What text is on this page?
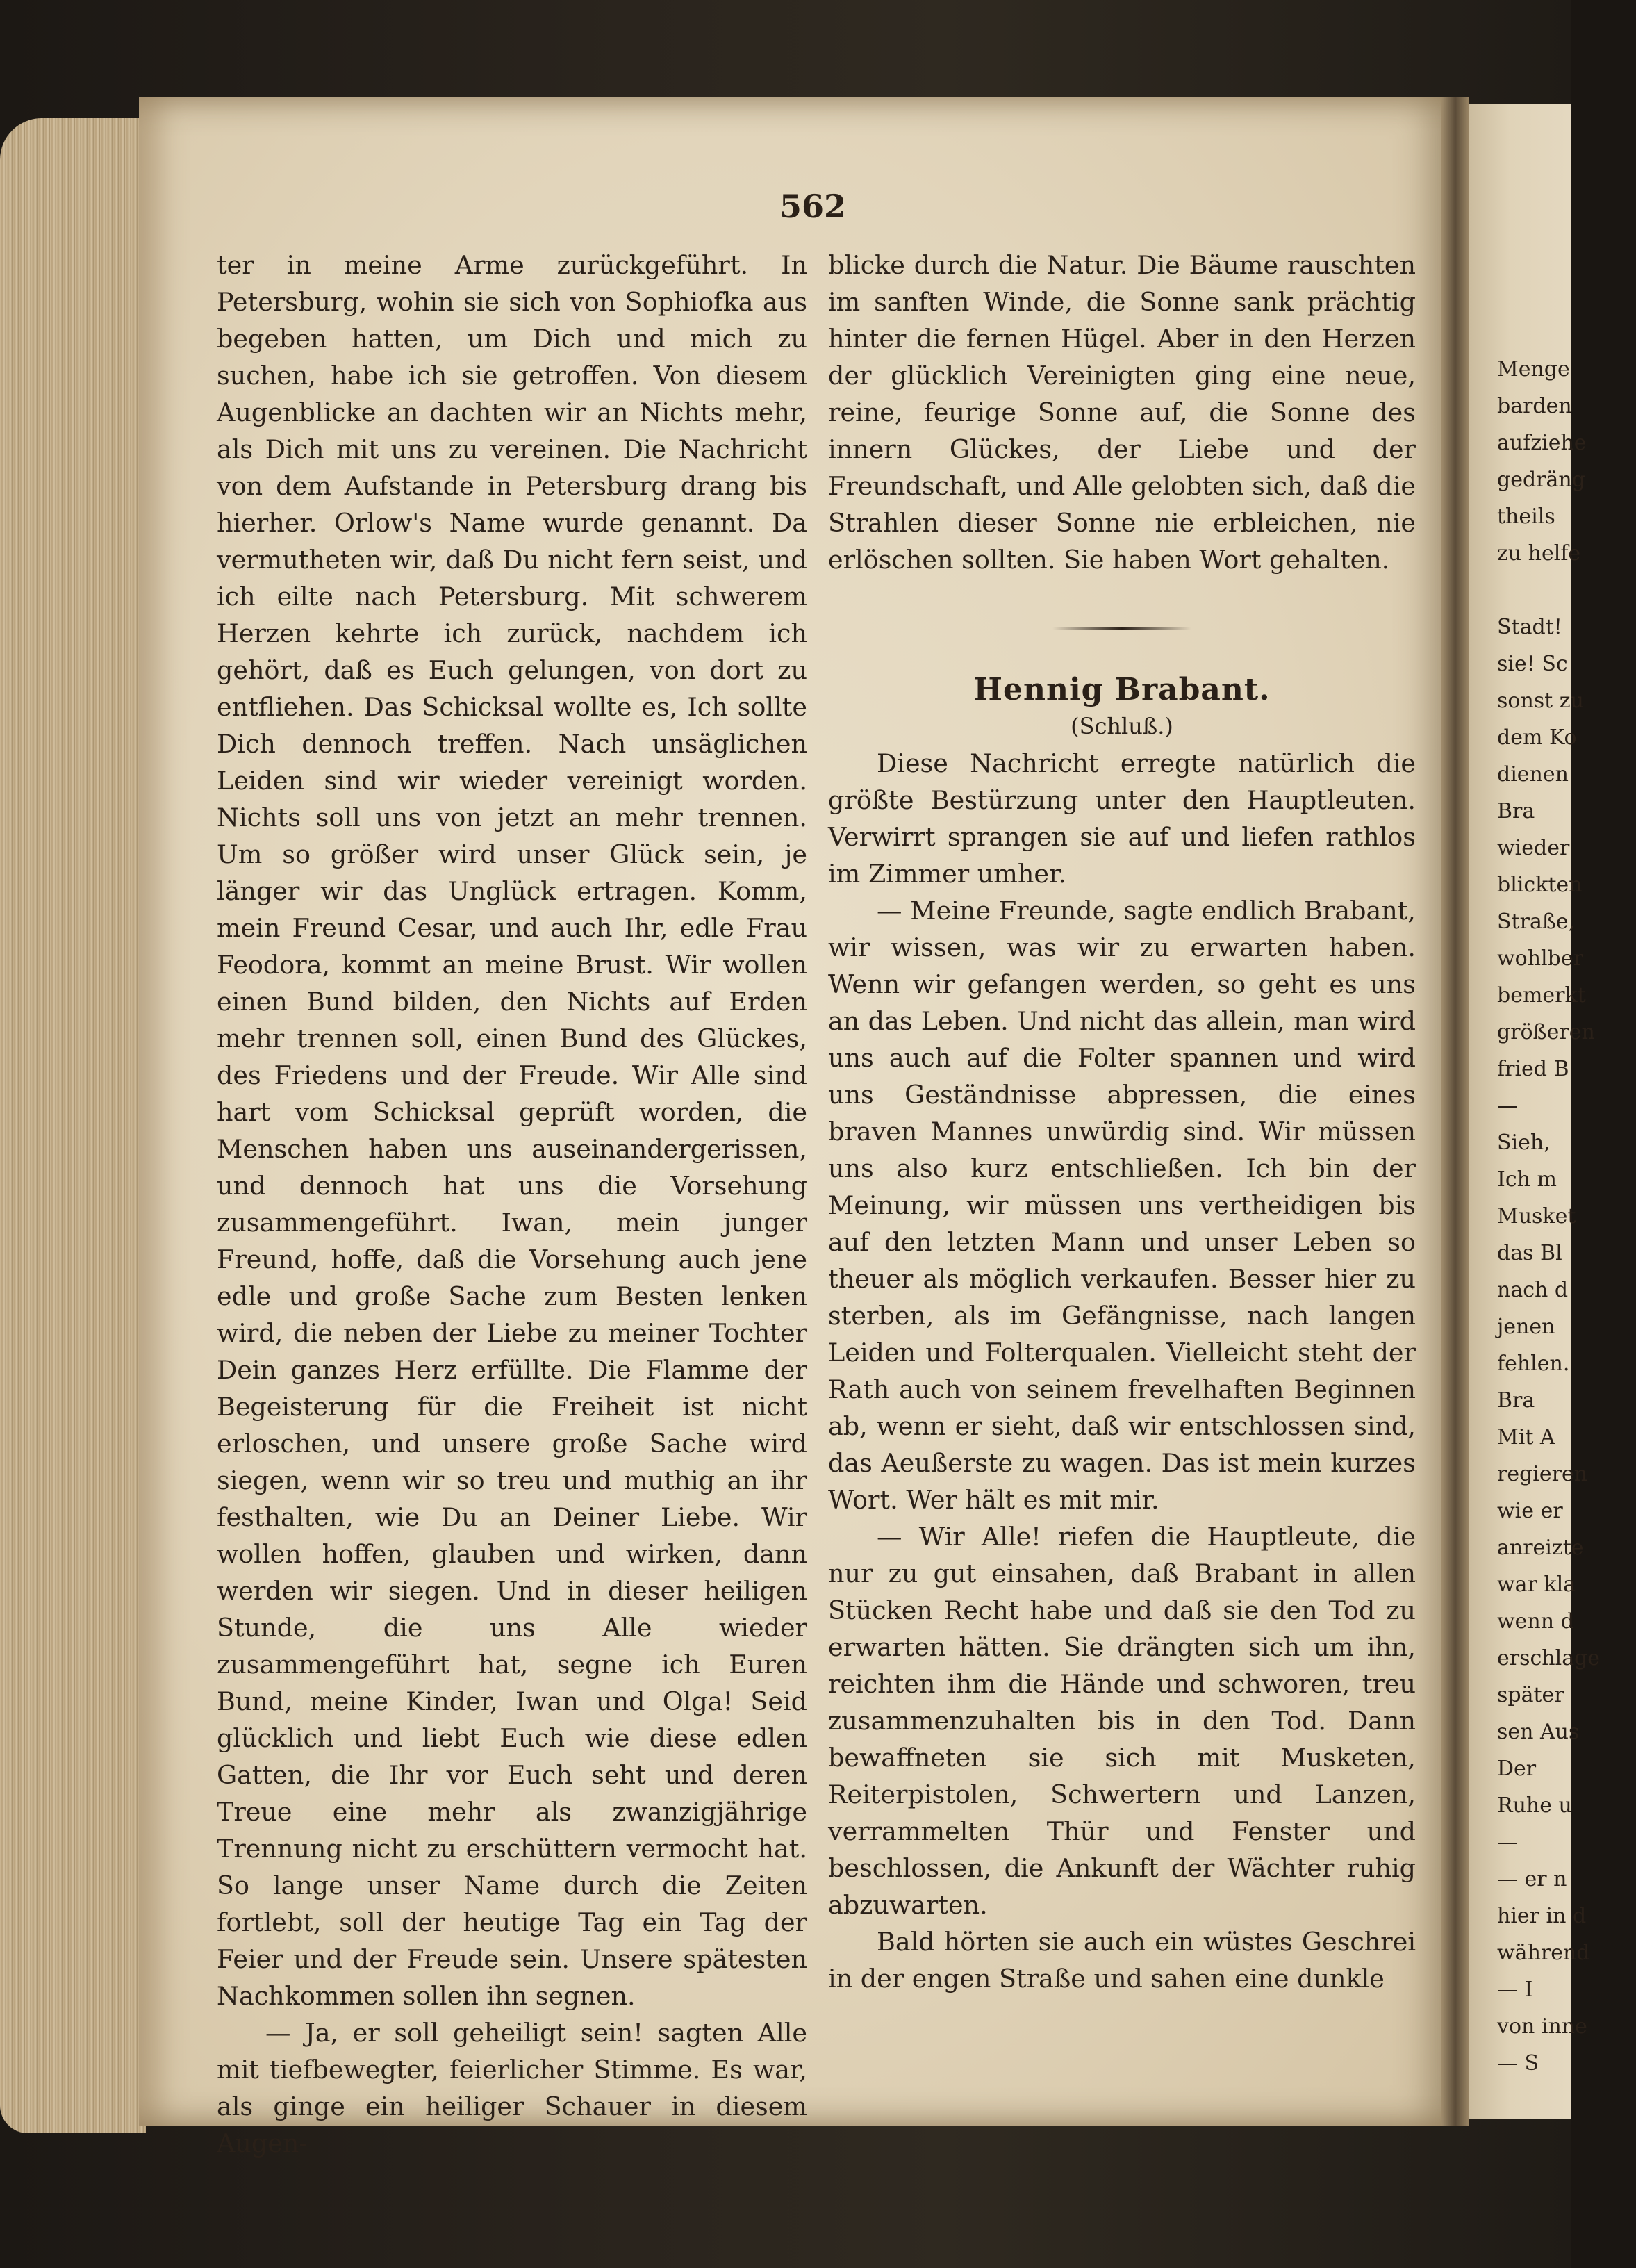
562

ter in meine Arme zurückgeführt. In Petersburg, wohin sie sich von Sophiofka aus begeben hatten, um Dich und mich zu suchen, habe ich sie getroffen. Von diesem Augenblicke an dachten wir an Nichts mehr, als Dich mit uns zu vereinen. Die Nachricht von dem Aufstande in Petersburg drang bis hierher. Orlow's Name wurde genannt. Da vermutheten wir, daß Du nicht fern seist, und ich eilte nach Petersburg. Mit schwerem Herzen kehrte ich zurück, nachdem ich gehört, daß es Euch gelungen, von dort zu entfliehen. Das Schicksal wollte es, Ich sollte Dich dennoch treffen. Nach unsäglichen Leiden sind wir wieder vereinigt worden. Nichts soll uns von jetzt an mehr trennen. Um so größer wird unser Glück sein, je länger wir das Unglück ertragen. Komm, mein Freund Cesar, und auch Ihr, edle Frau Feodora, kommt an meine Brust. Wir wollen einen Bund bilden, den Nichts auf Erden mehr trennen soll, einen Bund des Glückes, des Friedens und der Freude. Wir Alle sind hart vom Schicksal geprüft worden, die Menschen haben uns auseinandergerissen, und dennoch hat uns die Vorsehung zusammengeführt. Iwan, mein junger Freund, hoffe, daß die Vorsehung auch jene edle und große Sache zum Besten lenken wird, die neben der Liebe zu meiner Tochter Dein ganzes Herz erfüllte. Die Flamme der Begeisterung für die Freiheit ist nicht erloschen, und unsere große Sache wird siegen, wenn wir so treu und muthig an ihr festhalten, wie Du an Deiner Liebe. Wir wollen hoffen, glauben und wirken, dann werden wir siegen. Und in dieser heiligen Stunde, die uns Alle wieder zusammengeführt hat, segne ich Euren Bund, meine Kinder, Iwan und Olga! Seid glücklich und liebt Euch wie diese edlen Gatten, die Ihr vor Euch seht und deren Treue eine mehr als zwanzigjährige Trennung nicht zu erschüttern vermocht hat. So lange unser Name durch die Zeiten fortlebt, soll der heutige Tag ein Tag der Feier und der Freude sein. Unsere spätesten Nachkommen sollen ihn segnen.

— Ja, er soll geheiligt sein! sagten Alle mit tiefbewegter, feierlicher Stimme. Es war, als ginge ein heiliger Schauer in diesem Augen-

blicke durch die Natur. Die Bäume rauschten im sanften Winde, die Sonne sank prächtig hinter die fernen Hügel. Aber in den Herzen der glücklich Vereinigten ging eine neue, reine, feurige Sonne auf, die Sonne des innern Glückes, der Liebe und der Freundschaft, und Alle gelobten sich, daß die Strahlen dieser Sonne nie erbleichen, nie erlöschen sollten. Sie haben Wort gehalten.

Hennig Brabant.

(Schluß.)

Diese Nachricht erregte natürlich die größte Bestürzung unter den Hauptleuten. Verwirrt sprangen sie auf und liefen rathlos im Zimmer umher.

— Meine Freunde, sagte endlich Brabant, wir wissen, was wir zu erwarten haben. Wenn wir gefangen werden, so geht es uns an das Leben. Und nicht das allein, man wird uns auch auf die Folter spannen und wird uns Geständnisse abpressen, die eines braven Mannes unwürdig sind. Wir müssen uns also kurz entschließen. Ich bin der Meinung, wir müssen uns vertheidigen bis auf den letzten Mann und unser Leben so theuer als möglich verkaufen. Besser hier zu sterben, als im Gefängnisse, nach langen Leiden und Folterqualen. Vielleicht steht der Rath auch von seinem frevelhaften Beginnen ab, wenn er sieht, daß wir entschlossen sind, das Aeußerste zu wagen. Das ist mein kurzes Wort. Wer hält es mit mir.

— Wir Alle! riefen die Hauptleute, die nur zu gut einsahen, daß Brabant in allen Stücken Recht habe und daß sie den Tod zu erwarten hätten. Sie drängten sich um ihn, reichten ihm die Hände und schworen, treu zusammenzuhalten bis in den Tod. Dann bewaffneten sie sich mit Musketen, Reiterpistolen, Schwertern und Lanzen, verrammelten Thür und Fenster und beschlossen, die Ankunft der Wächter ruhig abzuwarten.

Bald hörten sie auch ein wüstes Geschrei in der engen Straße und sahen eine dunkle

Menge
barden
aufziehe
gedräng
theils
zu helfe
Stadt!
sie! Sc
sonst zu
dem Ko
dienen
Bra
wieder
blickten
Straße,
wohlber
bemerkt
größeren
fried B
—
Sieh,
Ich m
Musket
das Bl
nach d
jenen
fehlen.
Bra
Mit A
regieren
wie er
anreizte
war kla
wenn d
erschlage
später
sen Aus
Der
Ruhe u
—
— er n
hier in d
während
— I
von inne
— S
